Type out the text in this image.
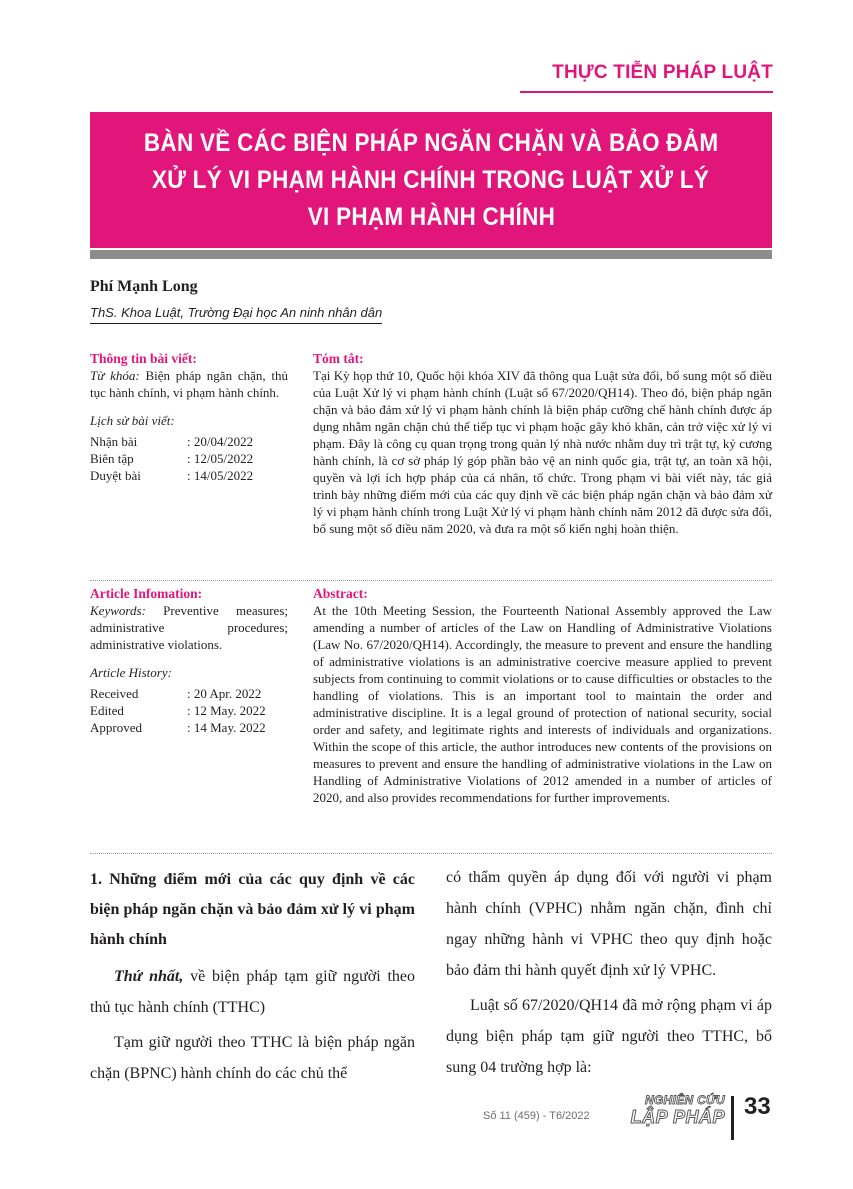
THỰC TIỄN PHÁP LUẬT
BÀN VỀ CÁC BIỆN PHÁP NGĂN CHẶN VÀ BẢO ĐẢM
XỬ LÝ VI PHẠM HÀNH CHÍNH TRONG LUẬT XỬ LÝ
VI PHẠM HÀNH CHÍNH
Phí Mạnh Long
ThS. Khoa Luật, Trường Đại học An ninh nhân dân
Thông tin bài viết:
Từ khóa: Biện pháp ngăn chặn, thủ tục hành chính, vi phạm hành chính.
Lịch sử bài viết:
Nhận bài	: 20/04/2022
Biên tập	: 12/05/2022
Duyệt bài	: 14/05/2022
Tóm tắt:
Tại Kỳ họp thứ 10, Quốc hội khóa XIV đã thông qua Luật sửa đổi, bổ sung một số điều của Luật Xử lý vi phạm hành chính (Luật số 67/2020/QH14). Theo đó, biện pháp ngăn chặn và bảo đảm xử lý vi phạm hành chính là biện pháp cưỡng chế hành chính được áp dụng nhằm ngăn chặn chủ thể tiếp tục vi phạm hoặc gây khó khăn, cản trở việc xử lý vi phạm. Đây là công cụ quan trọng trong quản lý nhà nước nhằm duy trì trật tự, kỷ cương hành chính, là cơ sở pháp lý góp phần bảo vệ an ninh quốc gia, trật tự, an toàn xã hội, quyền và lợi ích hợp pháp của cá nhân, tổ chức. Trong phạm vi bài viết này, tác giả trình bày những điểm mới của các quy định về các biện pháp ngăn chặn và bảo đảm xử lý vi phạm hành chính trong Luật Xử lý vi phạm hành chính năm 2012 đã được sửa đổi, bổ sung một số điều năm 2020, và đưa ra một số kiến nghị hoàn thiện.
Article Infomation:
Keywords: Preventive measures; administrative procedures; administrative violations.
Article History:
Received	: 20 Apr. 2022
Edited	: 12 May. 2022
Approved	: 14 May. 2022
Abstract:
At the 10th Meeting Session, the Fourteenth National Assembly approved the Law amending a number of articles of the Law on Handling of Administrative Violations (Law No. 67/2020/QH14). Accordingly, the measure to prevent and ensure the handling of administrative violations is an administrative coercive measure applied to prevent subjects from continuing to commit violations or to cause difficulties or obstacles to the handling of violations. This is an important tool to maintain the order and administrative discipline. It is a legal ground of protection of national security, social order and safety, and legitimate rights and interests of individuals and organizations. Within the scope of this article, the author introduces new contents of the provisions on measures to prevent and ensure the handling of administrative violations in the Law on Handling of Administrative Violations of 2012 amended in a number of articles of 2020, and also provides recommendations for further improvements.
1. Những điểm mới của các quy định về các biện pháp ngăn chặn và bảo đảm xử lý vi phạm hành chính

Thứ nhất, về biện pháp tạm giữ người theo thủ tục hành chính (TTHC)

Tạm giữ người theo TTHC là biện pháp ngăn chặn (BPNC) hành chính do các chủ thể

có thẩm quyền áp dụng đối với người vi phạm hành chính (VPHC) nhằm ngăn chặn, đình chỉ ngay những hành vi VPHC theo quy định hoặc bảo đảm thi hành quyết định xử lý VPHC.

Luật số 67/2020/QH14 đã mở rộng phạm vi áp dụng biện pháp tạm giữ người theo TTHC, bổ sung 04 trường hợp là:

Số 11 (459) - T6/2022
NGHIÊN CỨU
LẬP PHÁP 33
